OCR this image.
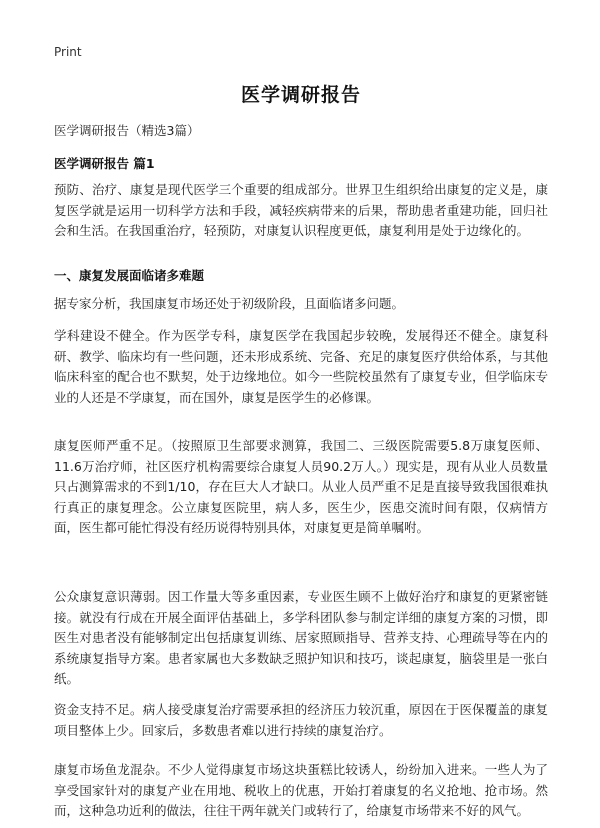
Print
医学调研报告

医学调研报告（精选3篇）

医学调研报告 篇1

预防、治疗、康复是现代医学三个重要的组成部分。世界卫生组织给出康复的定义是，康复医学就是运用一切科学方法和手段，减轻疾病带来的后果，帮助患者重建功能，回归社会和生活。在我国重治疗，轻预防，对康复认识程度更低，康复利用是处于边缘化的。

一、康复发展面临诸多难题

据专家分析，我国康复市场还处于初级阶段，且面临诸多问题。

学科建设不健全。作为医学专科，康复医学在我国起步较晚，发展得还不健全。康复科研、教学、临床均有一些问题，还未形成系统、完备、充足的康复医疗供给体系，与其他临床科室的配合也不默契，处于边缘地位。如今一些院校虽然有了康复专业，但学临床专业的人还是不学康复，而在国外，康复是医学生的必修课。

康复医师严重不足。（按照原卫生部要求测算，我国二、三级医院需要5.8万康复医师、11.6万治疗师，社区医疗机构需要综合康复人员90.2万人。）现实是，现有从业人员数量只占测算需求的不到1/10，存在巨大人才缺口。从业人员严重不足是直接导致我国很难执行真正的康复理念。公立康复医院里，病人多，医生少，医患交流时间有限，仅病情方面，医生都可能忙得没有经历说得特别具体，对康复更是简单嘱咐。

公众康复意识薄弱。因工作量大等多重因素，专业医生顾不上做好治疗和康复的更紧密链接。就没有行成在开展全面评估基础上，多学科团队参与制定详细的康复方案的习惯，即医生对患者没有能够制定出包括康复训练、居家照顾指导、营养支持、心理疏导等在内的系统康复指导方案。患者家属也大多数缺乏照护知识和技巧，谈起康复，脑袋里是一张白纸。

资金支持不足。病人接受康复治疗需要承担的经济压力较沉重，原因在于医保覆盖的康复项目整体上少。回家后，多数患者难以进行持续的康复治疗。

康复市场鱼龙混杂。不少人觉得康复市场这块蛋糕比较诱人，纷纷加入进来。一些人为了享受国家针对的康复产业在用地、税收上的优惠，开始打着康复的名义抢地、抢市场。然而，这种急功近利的做法，往往干两年就关门或转行了，给康复市场带来不好的风气。
